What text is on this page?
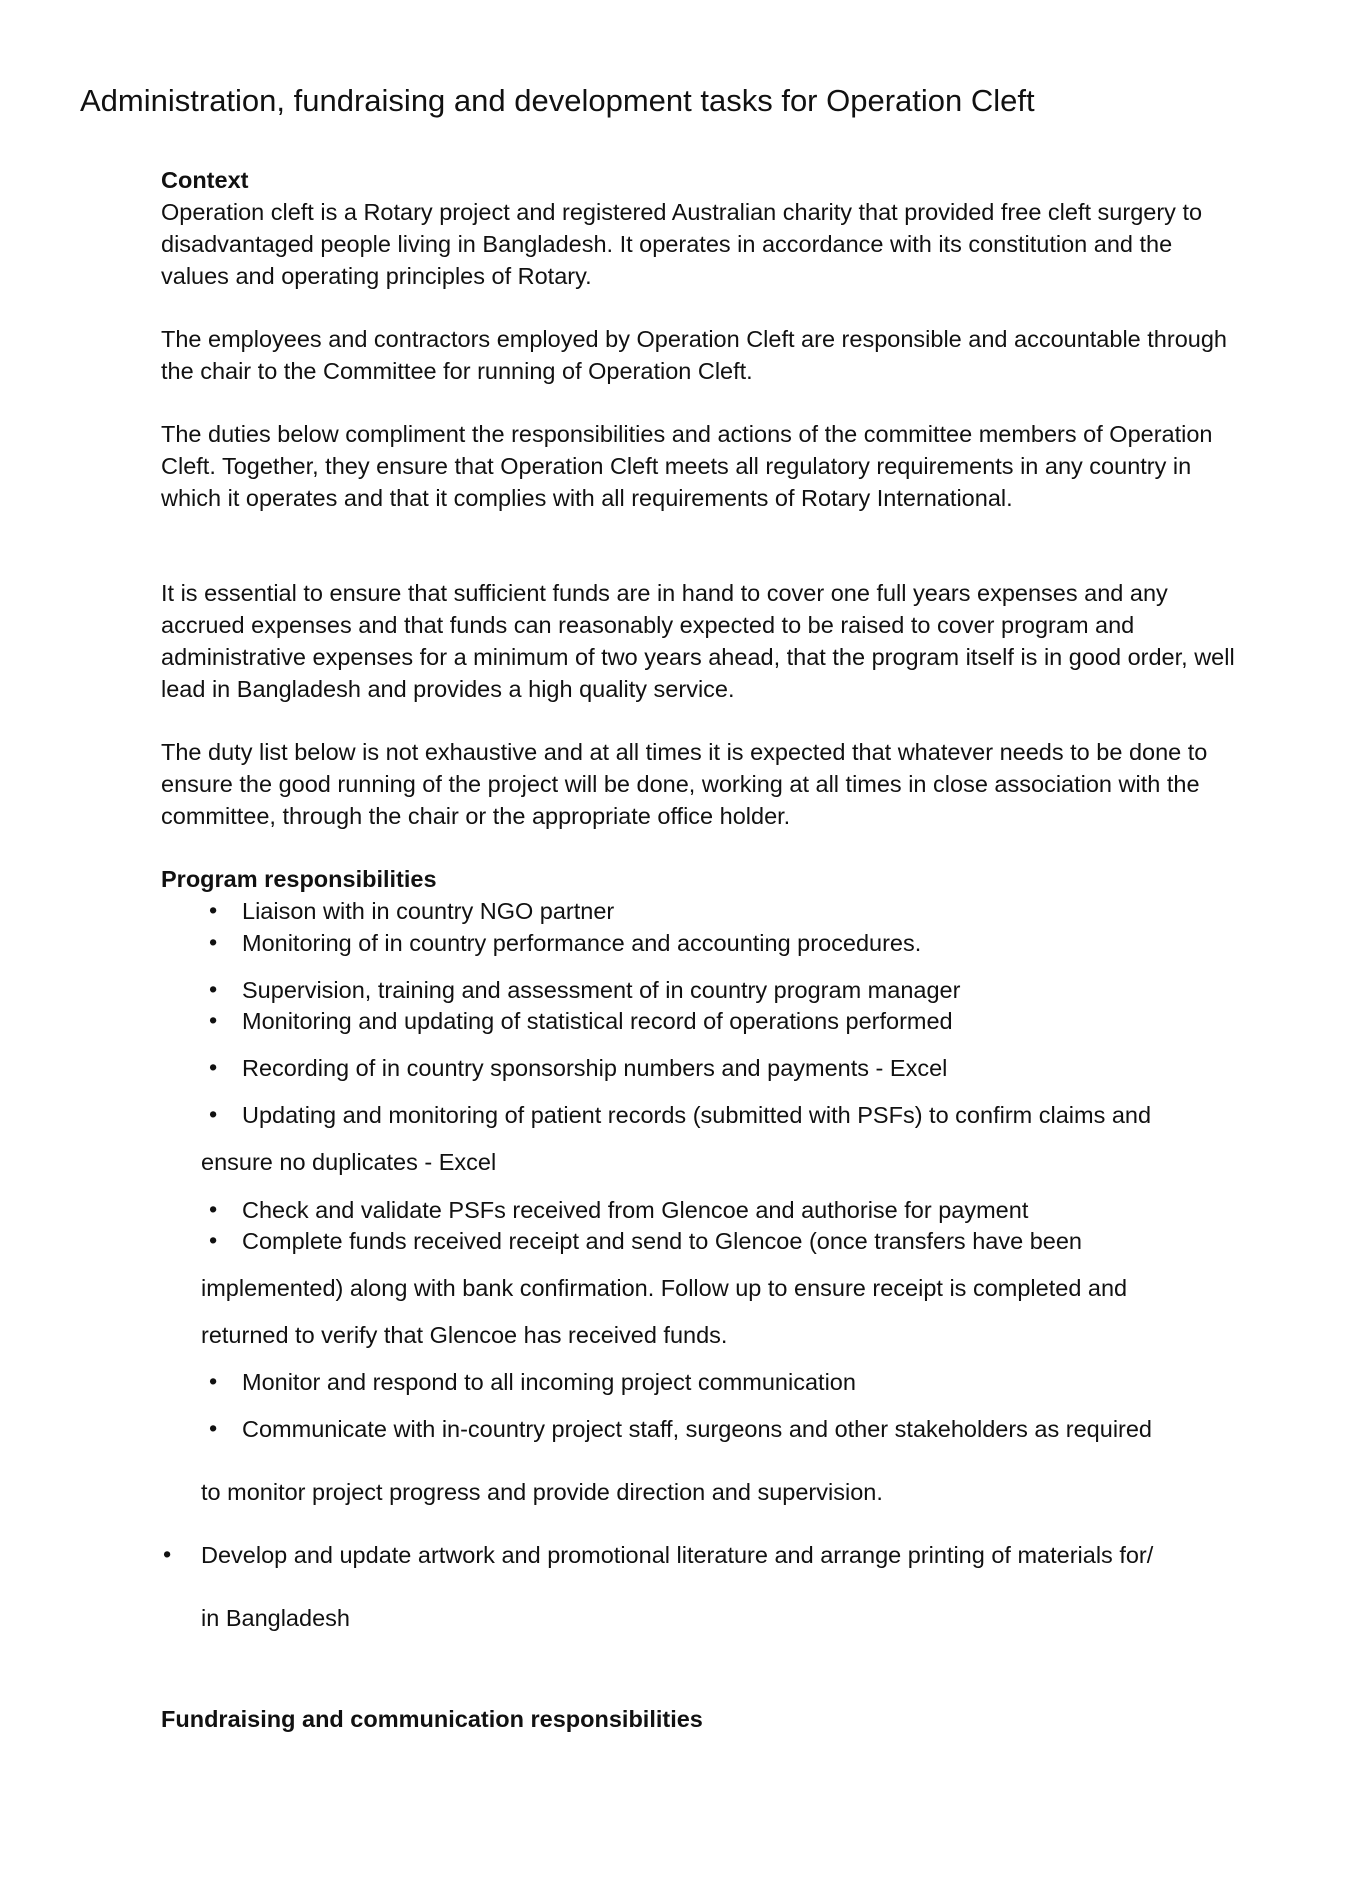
Administration, fundraising and development tasks for Operation Cleft
Context

Operation cleft is a Rotary project and registered Australian charity that provided free cleft surgery to disadvantaged people living in Bangladesh. It operates in accordance with its constitution and the values and operating principles of Rotary.

The employees and contractors employed by Operation Cleft are responsible and accountable through the chair to the Committee for running of Operation Cleft.

The duties below compliment the responsibilities and actions of the committee members of Operation Cleft. Together, they ensure that Operation Cleft meets all regulatory requirements in any country in which it operates and that it complies with all requirements of Rotary International.

It is essential to ensure that sufficient funds are in hand to cover one full years expenses and any accrued expenses and that funds can reasonably expected to be raised to cover program and administrative expenses for a minimum of two years ahead, that the program itself is in good order, well lead in Bangladesh and provides a high quality service.

The duty list below is not exhaustive and at all times it is expected that whatever needs to be done to ensure the good running of the project will be done, working at all times in close association with the committee, through the chair or the appropriate office holder.

Program responsibilities
• Liaison with in country NGO partner
• Monitoring of in country performance and accounting procedures.
• Supervision, training and assessment of in country program manager
• Monitoring and updating of statistical record of operations performed
• Recording of in country sponsorship numbers and payments - Excel
• Updating and monitoring of patient records (submitted with PSFs) to confirm claims and
ensure no duplicates - Excel
• Check and validate PSFs received from Glencoe and authorise for payment
• Complete funds received receipt and send to Glencoe (once transfers have been
implemented) along with bank confirmation. Follow up to ensure receipt is completed and
returned to verify that Glencoe has received funds.
• Monitor and respond to all incoming project communication
• Communicate with in-country project staff, surgeons and other stakeholders as required
to monitor project progress and provide direction and supervision.
• Develop and update artwork and promotional literature and arrange printing of materials for/
in Bangladesh
Fundraising and communication responsibilities
